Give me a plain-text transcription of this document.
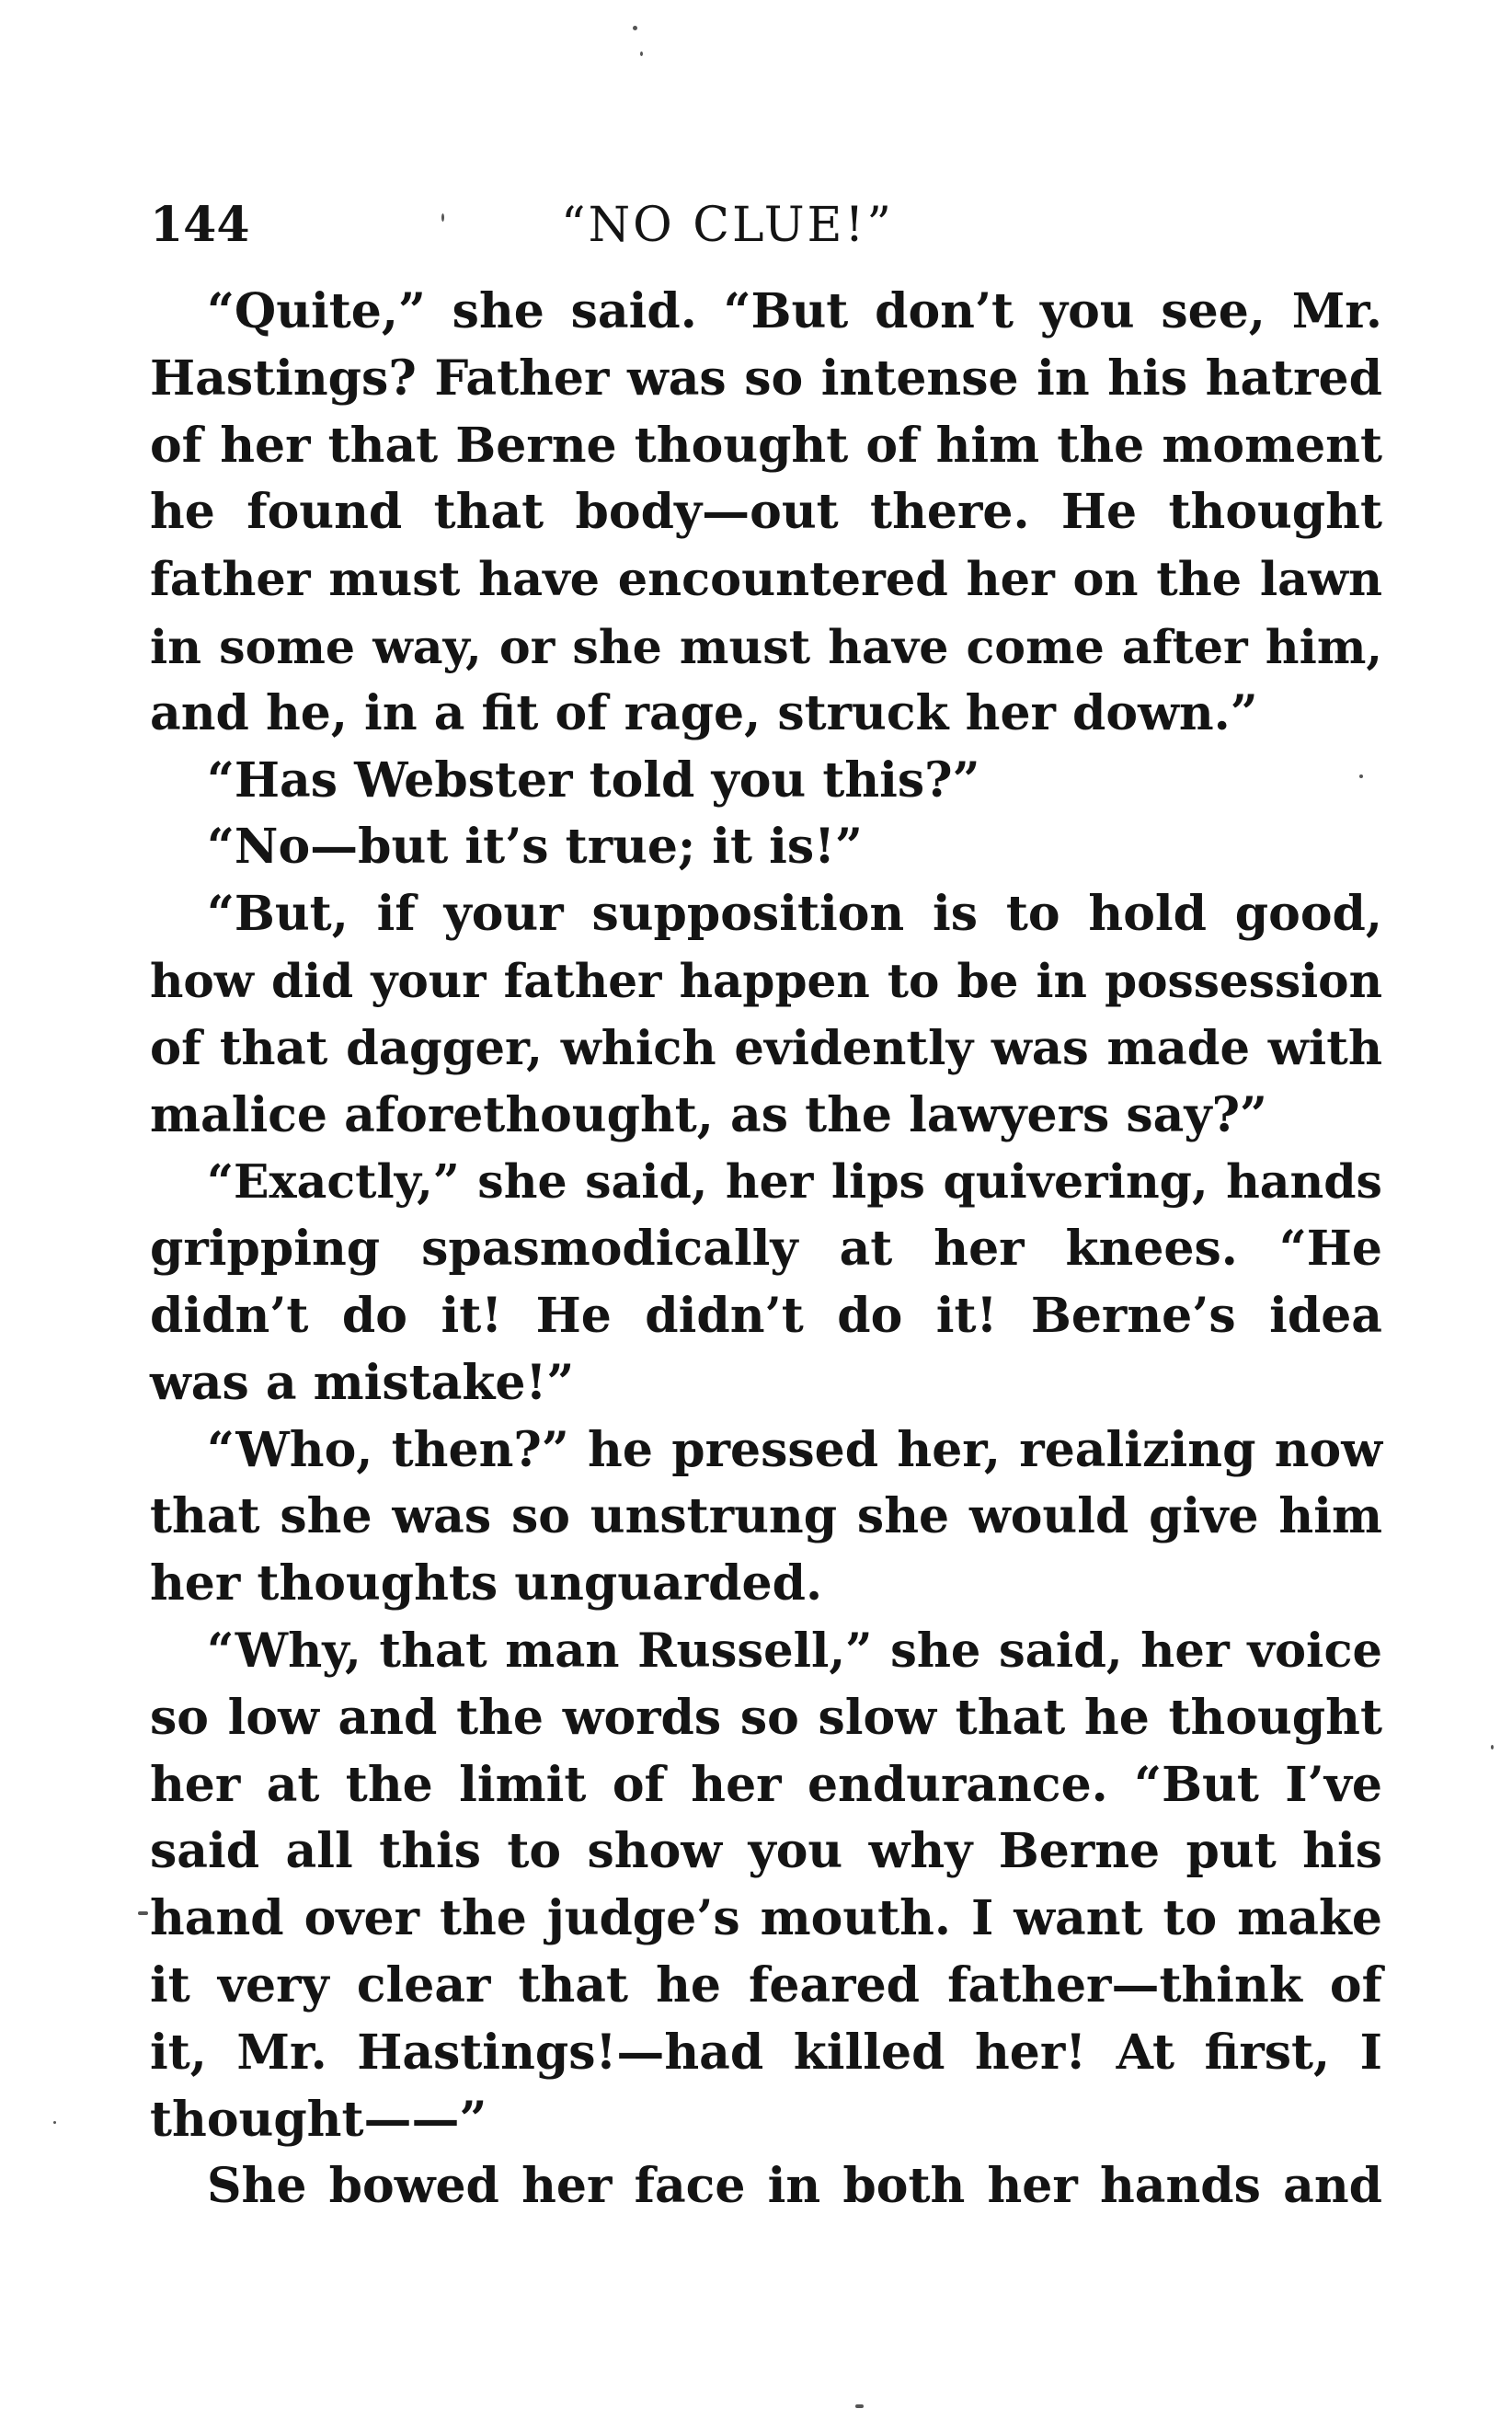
144	“NO CLUE!”
“Quite,” she said. “But don’t you see, Mr.
Hastings? Father was so intense in his hatred
of her that Berne thought of him the moment
he found that body—out there. He thought
father must have encountered her on the lawn
in some way, or she must have come after him,
and he, in a fit of rage, struck her down.”
“Has Webster told you this?”
“No—but it’s true; it is!”
“But, if your supposition is to hold good,
how did your father happen to be in possession
of that dagger, which evidently was made with
malice aforethought, as the lawyers say?”
“Exactly,” she said, her lips quivering, hands
gripping spasmodically at her knees. “He
didn’t do it! He didn’t do it! Berne’s idea
was a mistake!”
“Who, then?” he pressed her, realizing now
that she was so unstrung she would give him
her thoughts unguarded.
“Why, that man Russell,” she said, her voice
so low and the words so slow that he thought
her at the limit of her endurance. “But I’ve
said all this to show you why Berne put his
hand over the judge’s mouth. I want to make
it very clear that he feared father—think of
it, Mr. Hastings!—had killed her! At first, I
thought——”
She bowed her face in both her hands and
